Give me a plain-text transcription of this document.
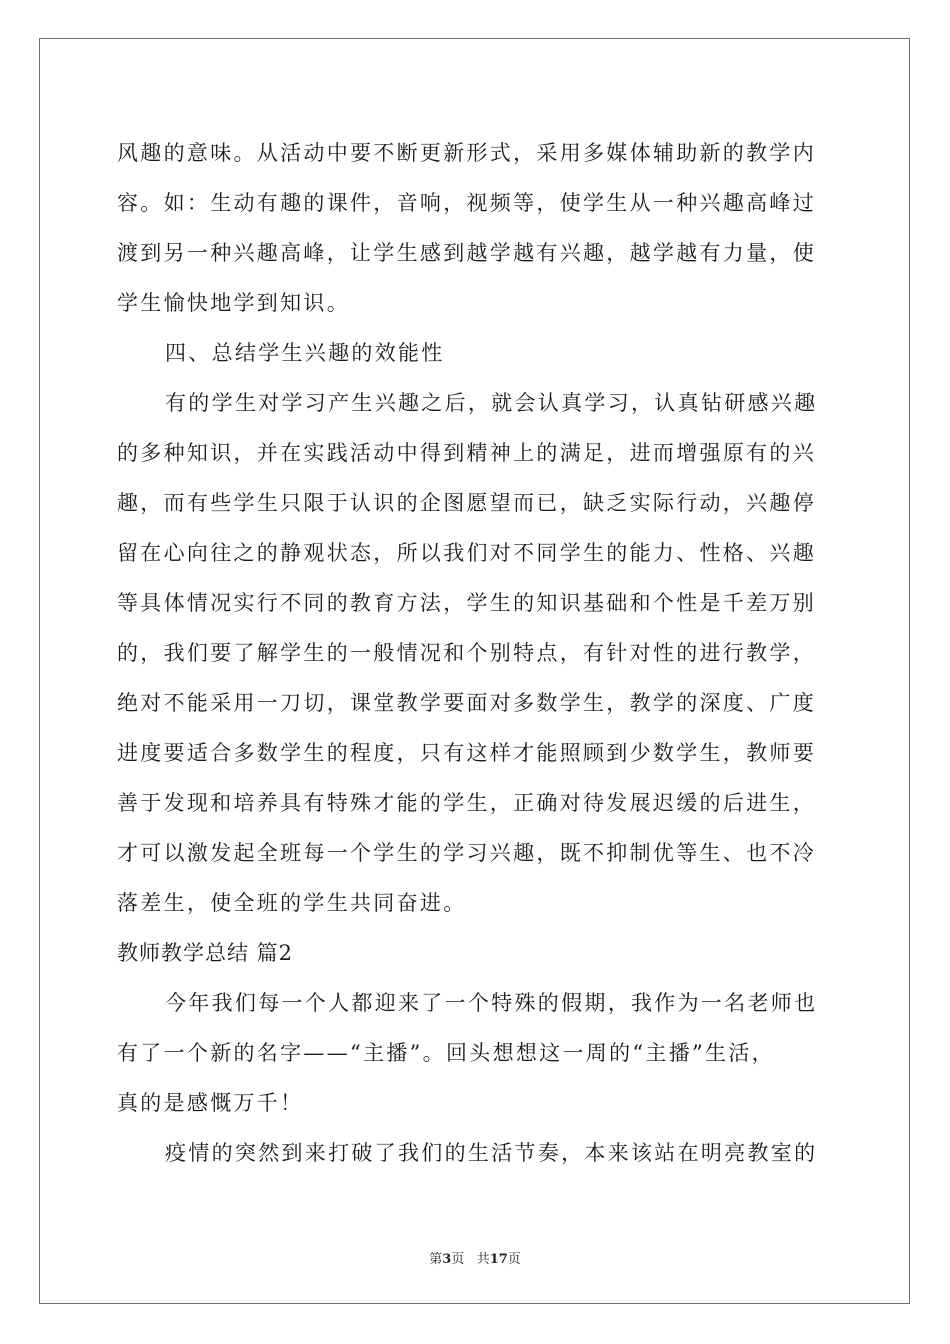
风趣的意味。从活动中要不断更新形式，采用多媒体辅助新的教学内
容。如：生动有趣的课件，音响，视频等，使学生从一种兴趣高峰过
渡到另一种兴趣高峰，让学生感到越学越有兴趣，越学越有力量，使
学生愉快地学到知识。
四、总结学生兴趣的效能性
有的学生对学习产生兴趣之后，就会认真学习，认真钻研感兴趣
的多种知识，并在实践活动中得到精神上的满足，进而增强原有的兴
趣，而有些学生只限于认识的企图愿望而已，缺乏实际行动，兴趣停
留在心向往之的静观状态，所以我们对不同学生的能力、性格、兴趣
等具体情况实行不同的教育方法，学生的知识基础和个性是千差万别
的，我们要了解学生的一般情况和个别特点，有针对性的进行教学，
绝对不能采用一刀切，课堂教学要面对多数学生，教学的深度、广度
进度要适合多数学生的程度，只有这样才能照顾到少数学生，教师要
善于发现和培养具有特殊才能的学生，正确对待发展迟缓的后进生，
才可以激发起全班每一个学生的学习兴趣，既不抑制优等生、也不冷
落差生，使全班的学生共同奋进。
教师教学总结 篇2
今年我们每一个人都迎来了一个特殊的假期，我作为一名老师也
有了一个新的名字——“主播”。回头想想这一周的“主播”生活，
真的是感慨万千！
疫情的突然到来打破了我们的生活节奏，本来该站在明亮教室的
第3页 共17页
